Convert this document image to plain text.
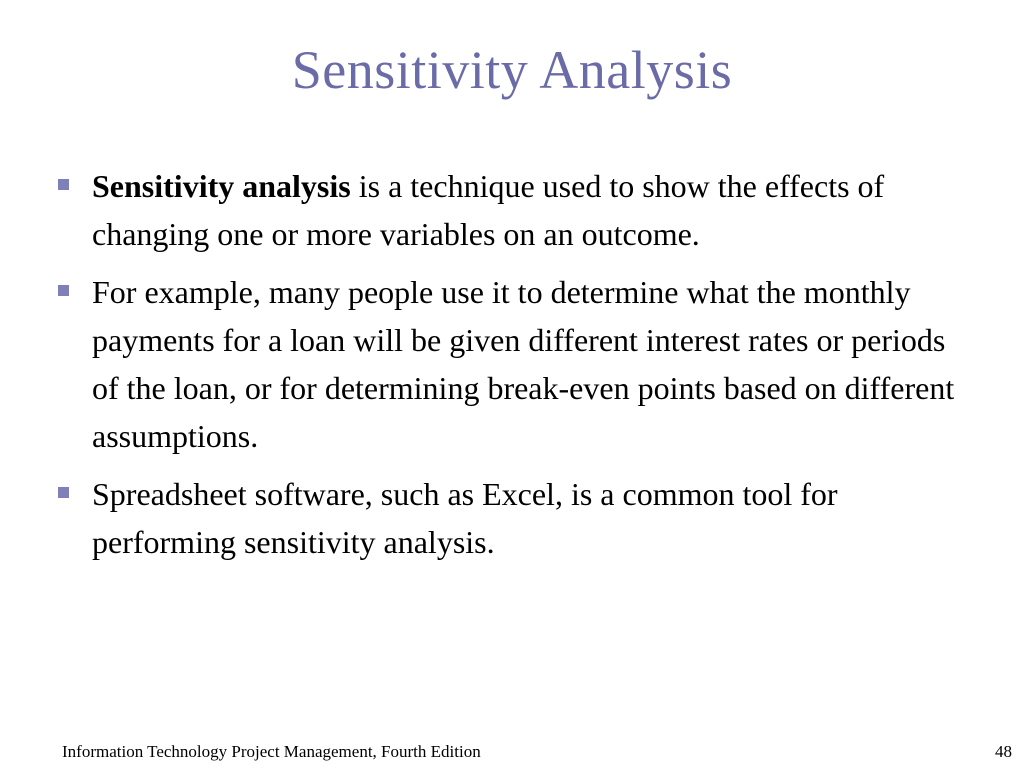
Sensitivity Analysis
Sensitivity analysis is a technique used to show the effects of changing one or more variables on an outcome.
For example, many people use it to determine what the monthly payments for a loan will be given different interest rates or periods of the loan, or for determining break-even points based on different assumptions.
Spreadsheet software, such as Excel, is a common tool for performing sensitivity analysis.
Information Technology Project Management, Fourth Edition	48
